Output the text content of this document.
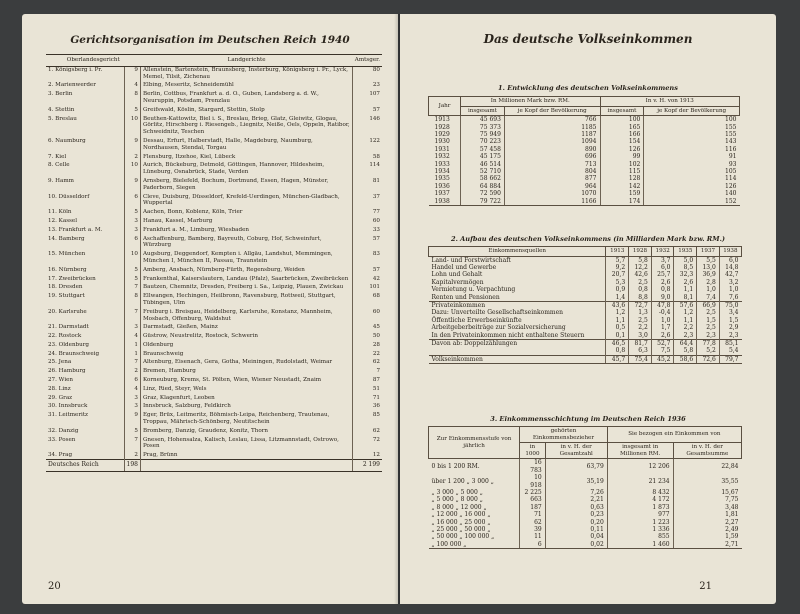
Gerichtsorganisation im Deutschen Reich 1940
Oberlandesgericht		Landgerichte	Amtsger.
1. Königsberg i. Pr.	9	Allenstein, Bartenstein, Braunsberg, Insterburg, Königsberg i. Pr., Lyck, Memel, Tilsit, Zichenau	80
2. Marienwerder	4	Elbing, Meseritz, Schneidemühl	23
3. Berlin	8	Berlin, Cottbus, Frankfurt a. d. O., Guben, Landsberg a. d. W., Neuruppin, Potsdam, Prenzlau	107
4. Stettin	5	Greifswald, Köslin, Stargard, Stettin, Stolp	57
5. Breslau	10	Beuthen-Kattowitz, Biel i. S., Breslau, Brieg, Glatz, Gleiwitz, Glogau, Görlitz, Hirschberg i. Riesengeb., Liegnitz, Neiße, Oels, Oppeln, Ratibor, Schweidnitz, Teschen	146
6. Naumburg	9	Dessau, Erfurt, Halberstadt, Halle, Magdeburg, Naumburg, Nordhausen, Stendal, Torgau	122
7. Kiel	2	Flensburg, Itzehoe, Kiel, Lübeck	58
8. Celle	10	Aurich, Bückeburg, Detmold, Göttingen, Hannover, Hildesheim, Lüneburg, Osnabrück, Stade, Verden	114
9. Hamm	9	Arnsberg, Bielefeld, Bochum, Dortmund, Essen, Hagen, Münster, Paderborn, Siegen	81
10. Düsseldorf	6	Cleve, Duisburg, Düsseldorf, Krefeld-Uerdingen, München-Gladbach, Wuppertal	37
11. Köln	5	Aachen, Bonn, Koblenz, Köln, Trier	77
12. Kassel	3	Hanau, Kassel, Marburg	60
13. Frankfurt a. M.	3	Frankfurt a. M., Limburg, Wiesbaden	33
14. Bamberg	6	Aschaffenburg, Bamberg, Bayreuth, Coburg, Hof, Schweinfurt, Würzburg	57
15. München	10	Augsburg, Deggendorf, Kempten i. Allgäu, Landshut, Memmingen, München I, München II, Passau, Traunstein	83
16. Nürnberg	5	Amberg, Ansbach, Nürnberg-Fürth, Regensburg, Weiden	57
17. Zweibrücken	5	Frankenthal, Kaiserslautern, Landau (Pfalz), Saarbrücken, Zweibrücken	42
18. Dresden	7	Bautzen, Chemnitz, Dresden, Freiberg i. Sa., Leipzig, Plauen, Zwickau	101
19. Stuttgart	8	Ellwangen, Hechingen, Heilbronn, Ravensburg, Rottweil, Stuttgart, Tübingen, Ulm	68
20. Karlsruhe	7	Freiburg i. Breisgau, Heidelberg, Karlsruhe, Konstanz, Mannheim, Mosbach, Offenburg, Waldshut	60
21. Darmstadt	3	Darmstadt, Gießen, Mainz	45
22. Rostock	4	Güstrow, Neustrelitz, Rostock, Schwerin	50
23. Oldenburg	1	Oldenburg	28
24. Braunschweig	1	Braunschweig	22
25. Jena	7	Altenburg, Eisenach, Gera, Gotha, Meiningen, Rudolstadt, Weimar	62
26. Hamburg	2	Bremen, Hamburg	7
27. Wien	6	Korneuburg, Krems, St. Pölten, Wien, Wiener Neustadt, Znaim	87
28. Linz	4	Linz, Ried, Steyr, Wels	51
29. Graz	3	Graz, Klagenfurt, Leoben	71
30. Innsbruck	3	Innsbruck, Salzburg, Feldkirch	36
31. Leitmeritz	9	Eger, Brüx, Leitmeritz, Böhmisch-Leipa, Reichenberg, Trautenau, Troppau, Mährisch-Schönberg, Neutitschein	85
32. Danzig	5	Bromberg, Danzig, Graudenz, Konitz, Thorn	62
33. Posen	7	Gnesen, Hohensalza, Kalisch, Leslau, Lissa, Litzmannstadt, Ostrowo, Posen	72
34. Prag	2	Prag, Brünn	12
Deutsches Reich	198		2 199
20
Das deutsche Volkseinkommen
1. Entwicklung des deutschen Volkseinkommens
Jahr	In Millionen Mark bzw. RM.		In v. H. von 1913	
	insgesamt	je Kopf der Bevölkerung	insgesamt	je Kopf der Bevölkerung
1913	45 693	766	100	100
1928	75 373	1185	165	155
1929	75 949	1187	166	155
1930	70 223	1094	154	143
1931	57 458	890	126	116
1932	45 175	696	99	91
1933	46 514	713	102	93
1934	52 710	804	115	105
1935	58 662	877	128	114
1936	64 884	964	142	126
1937	72 590	1070	159	140
1938	79 722	1166	174	152
2. Aufbau des deutschen Volkseinkommens (in Milliarden Mark bzw. RM.)
Einkommensquellen	1913	1928	1932	1935	1937	1938
Land- und Forstwirtschaft	5,7	5,8	3,7	5,0	5,5	6,0
Handel und Gewerbe	9,2	12,2	6,0	8,5	13,0	14,8
Lohn und Gehalt	20,7	42,6	25,7	32,3	36,9	42,7
Kapitalvermögen	5,3	2,5	2,6	2,6	2,8	3,2
Vermietung u. Verpachtung	0,9	0,8	0,8	1,1	1,0	1,0
Renten und Pensionen	1,4	8,8	9,0	8,1	7,4	7,6
Privateinkommen	43,6	72,7	47,8	57,6	66,9	75,0
Dazu: Unverteilte Gesellschaftseinkommen	1,2	1,3	-0,4	1,2	2,5	3,4
Öffentliche Erwerbseinkünfte	1,1	2,5	1,0	1,1	1,5	1,5
Arbeitgeberbeiträge zur Sozialversicherung	0,5	2,2	1,7	2,2	2,5	2,9
In den Privateinkommen nicht enthaltene Steuern	0,1	3,0	2,6	2,3	2,3	2,3
Davon ab: Doppelzählungen	46,5	81,7	52,7	64,4	77,8	85,1
	0,8	6,3	7,5	5,8	5,2	5,4
Volkseinkommen	45,7	75,4	45,2	58,6	72,6	79,7
3. Einkommensschichtung im Deutschen Reich 1936
Zur Einkommensstufe von jährlich	gehörten Einkommensbezieher		Sie bezogen ein Einkommen von	
	in 1000	in v. H. der Gesamtzahl	insgesamt in Millionen RM.	in v. H. der Gesamtsumme
0 bis 1 200 RM.	16 783	63,79	12 206	22,84
über 1 200 „ 3 000 „	10 918	35,19	21 234	35,55
„ 3 000 „ 5 000 „	2 225	7,26	8 432	15,67
„ 5 000 „ 8 000 „	663	2,21	4 172	7,75
„ 8 000 „ 12 000 „	187	0,63	1 873	3,48
„ 12 000 „ 16 000 „	71	0,23	977	1,81
„ 16 000 „ 25 000 „	62	0,20	1 223	2,27
„ 25 000 „ 50 000 „	39	0,11	1 336	2,49
„ 50 000 „ 100 000 „	11	0,04	855	1,59
„ 100 000 „	6	0,02	1 460	2,71
21
